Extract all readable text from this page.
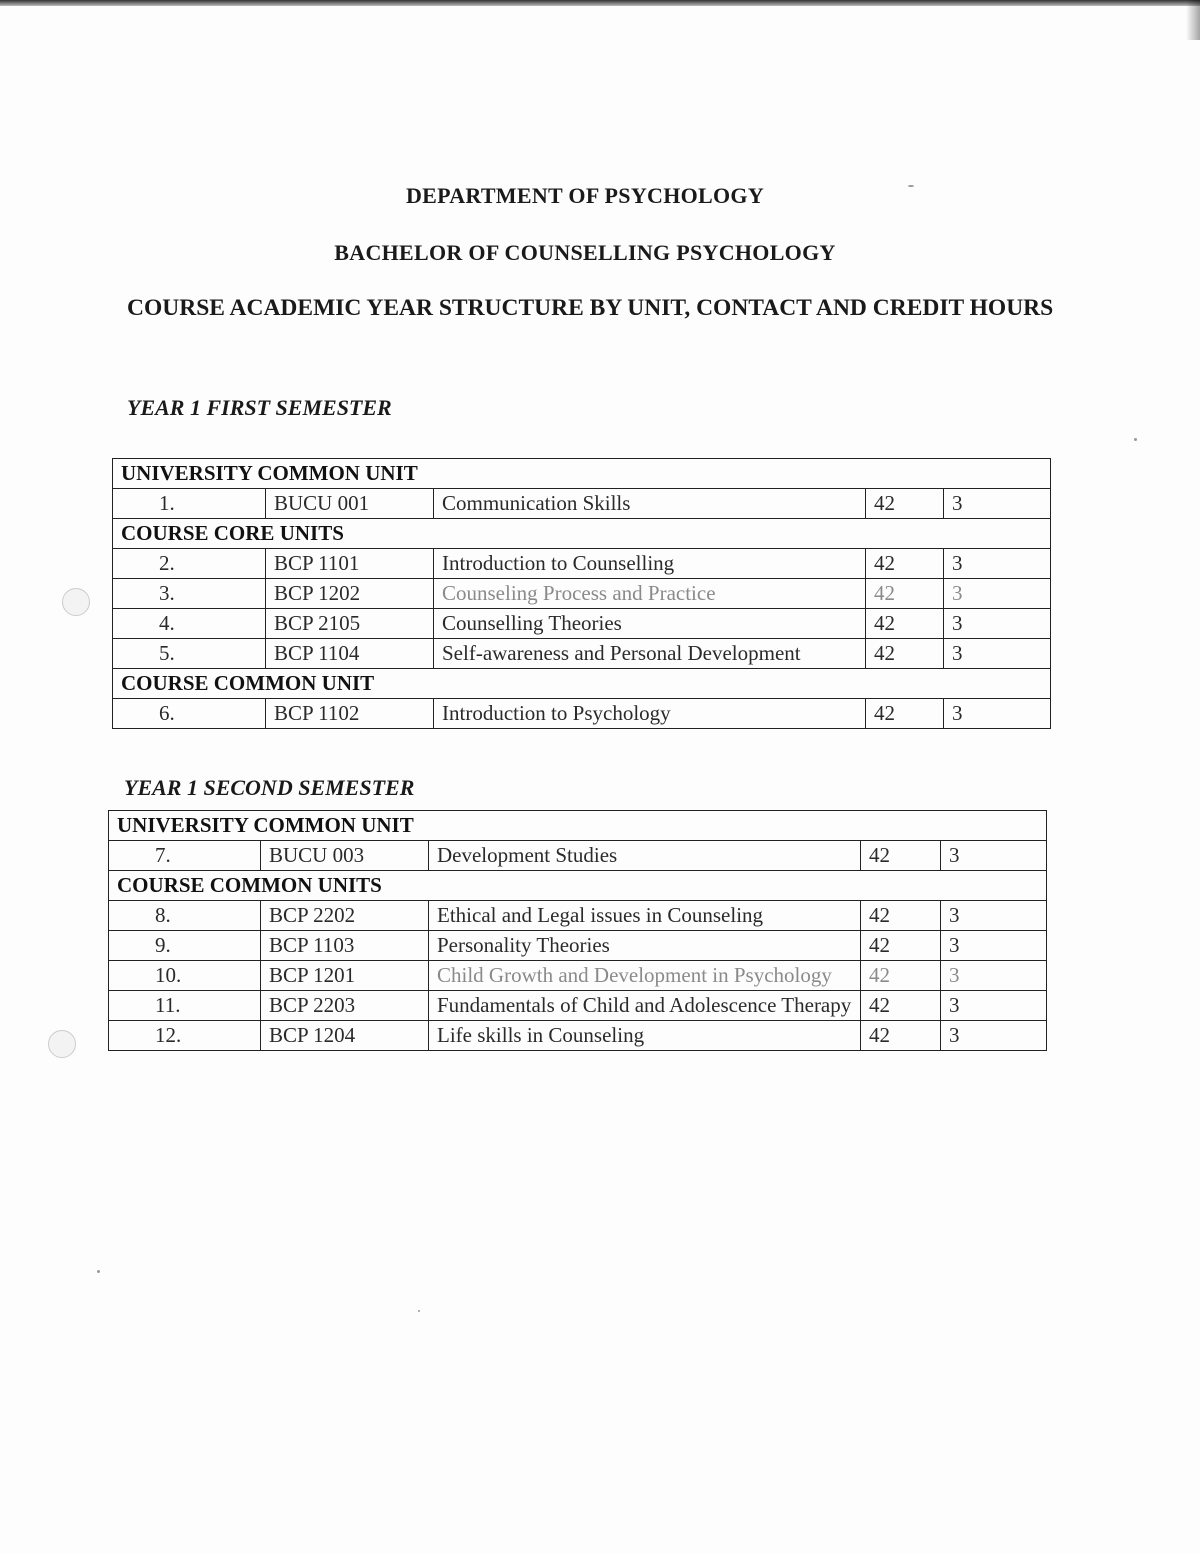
DEPARTMENT OF PSYCHOLOGY
BACHELOR OF COUNSELLING PSYCHOLOGY
COURSE ACADEMIC YEAR STRUCTURE BY UNIT, CONTACT AND CREDIT HOURS
YEAR 1 FIRST SEMESTER
UNIVERSITY COMMON UNIT				
1.	BUCU 001	Communication Skills	42	3
COURSE CORE UNITS				
2.	BCP 1101	Introduction to Counselling	42	3
3.	BCP 1202	Counseling Process and Practice	42	3
4.	BCP 2105	Counselling Theories	42	3
5.	BCP 1104	Self-awareness and Personal Development	42	3
COURSE COMMON UNIT				
6.	BCP 1102	Introduction to Psychology	42	3
YEAR 1 SECOND SEMESTER
UNIVERSITY COMMON UNIT				
7.	BUCU 003	Development Studies	42	3
COURSE COMMON UNITS				
8.	BCP 2202	Ethical and Legal issues in Counseling	42	3
9.	BCP 1103	Personality Theories	42	3
10.	BCP 1201	Child Growth and Development in Psychology	42	3
11.	BCP 2203	Fundamentals of Child and Adolescence Therapy	42	3
12.	BCP 1204	Life skills in Counseling	42	3
